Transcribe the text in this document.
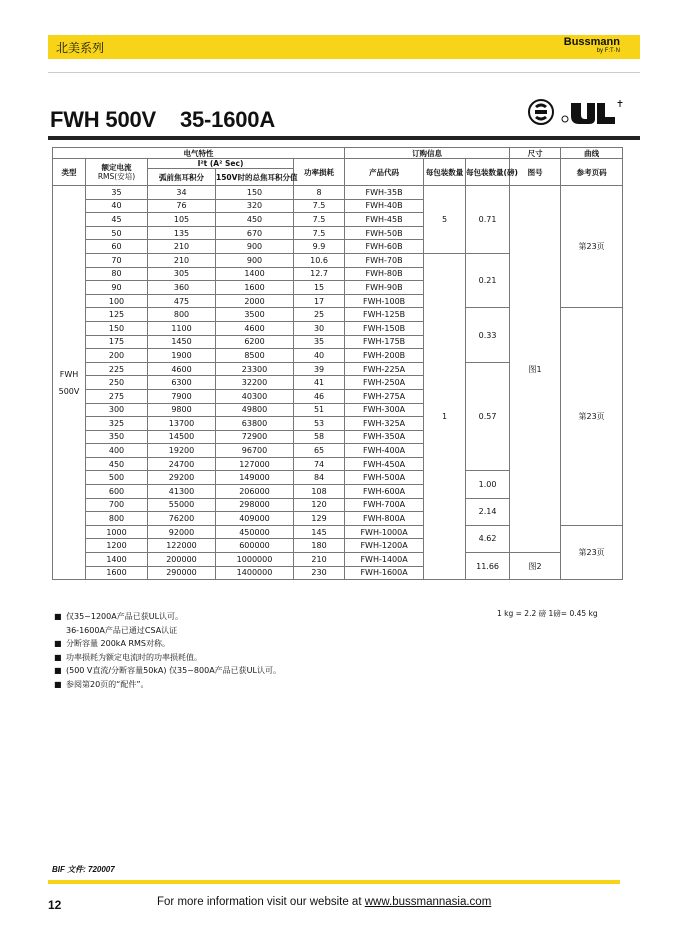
北美系列	Bussmann
by F:T·N
FWH 500V 35-1600A
电气特性					订购信息			尺寸	曲线
类型	额定电流
RMS(安培)	I²t (A² Sec)		功率损耗	产品代码	每包装数量	每包装数量(磅)	图号	参考页码
		弧前焦耳积分	150V时的总焦耳积分值						

FWH
500V	35	34	150	8	FWH-35B	5	0.71	图1	第23页
	40	76	320	7.5	FWH-40B				
	45	105	450	7.5	FWH-45B				
	50	135	670	7.5	FWH-50B				
	60	210	900	9.9	FWH-60B				
	70	210	900	10.6	FWH-70B	1	0.21		
	80	305	1400	12.7	FWH-80B				
	90	360	1600	15	FWH-90B				
	100	475	2000	17	FWH-100B				
	125	800	3500	25	FWH-125B		0.33		第23页
	150	1100	4600	30	FWH-150B				
	175	1450	6200	35	FWH-175B				
	200	1900	8500	40	FWH-200B				
	225	4600	23300	39	FWH-225A		0.57		
	250	6300	32200	41	FWH-250A				
	275	7900	40300	46	FWH-275A				
	300	9800	49800	51	FWH-300A				
	325	13700	63800	53	FWH-325A				
	350	14500	72900	58	FWH-350A				
	400	19200	96700	65	FWH-400A				
	450	24700	127000	74	FWH-450A				
	500	29200	149000	84	FWH-500A		1.00		
	600	41300	206000	108	FWH-600A				
	700	55000	298000	120	FWH-700A		2.14		
	800	76200	409000	129	FWH-800A				
	1000	92000	450000	145	FWH-1000A		4.62		第23页
	1200	122000	600000	180	FWH-1200A				
	1400	200000	1000000	210	FWH-1400A		11.66	图2	
	1600	290000	1400000	230	FWH-1600A				
1 kg = 2.2 磅 1磅= 0.45 kg
■ 仅35~1200A产品已获UL认可。
36-1600A产品已通过CSA认证
■ 分断容量 200kA RMS对称。
■ 功率损耗为额定电流时的功率损耗值。
■ (500 V直流/分断容量50kA) 仅35~800A产品已获UL认可。
■ 参阅第20页的“配件”。
BIF 文件: 720007
12	For more information visit our website at www.bussmannasia.com
